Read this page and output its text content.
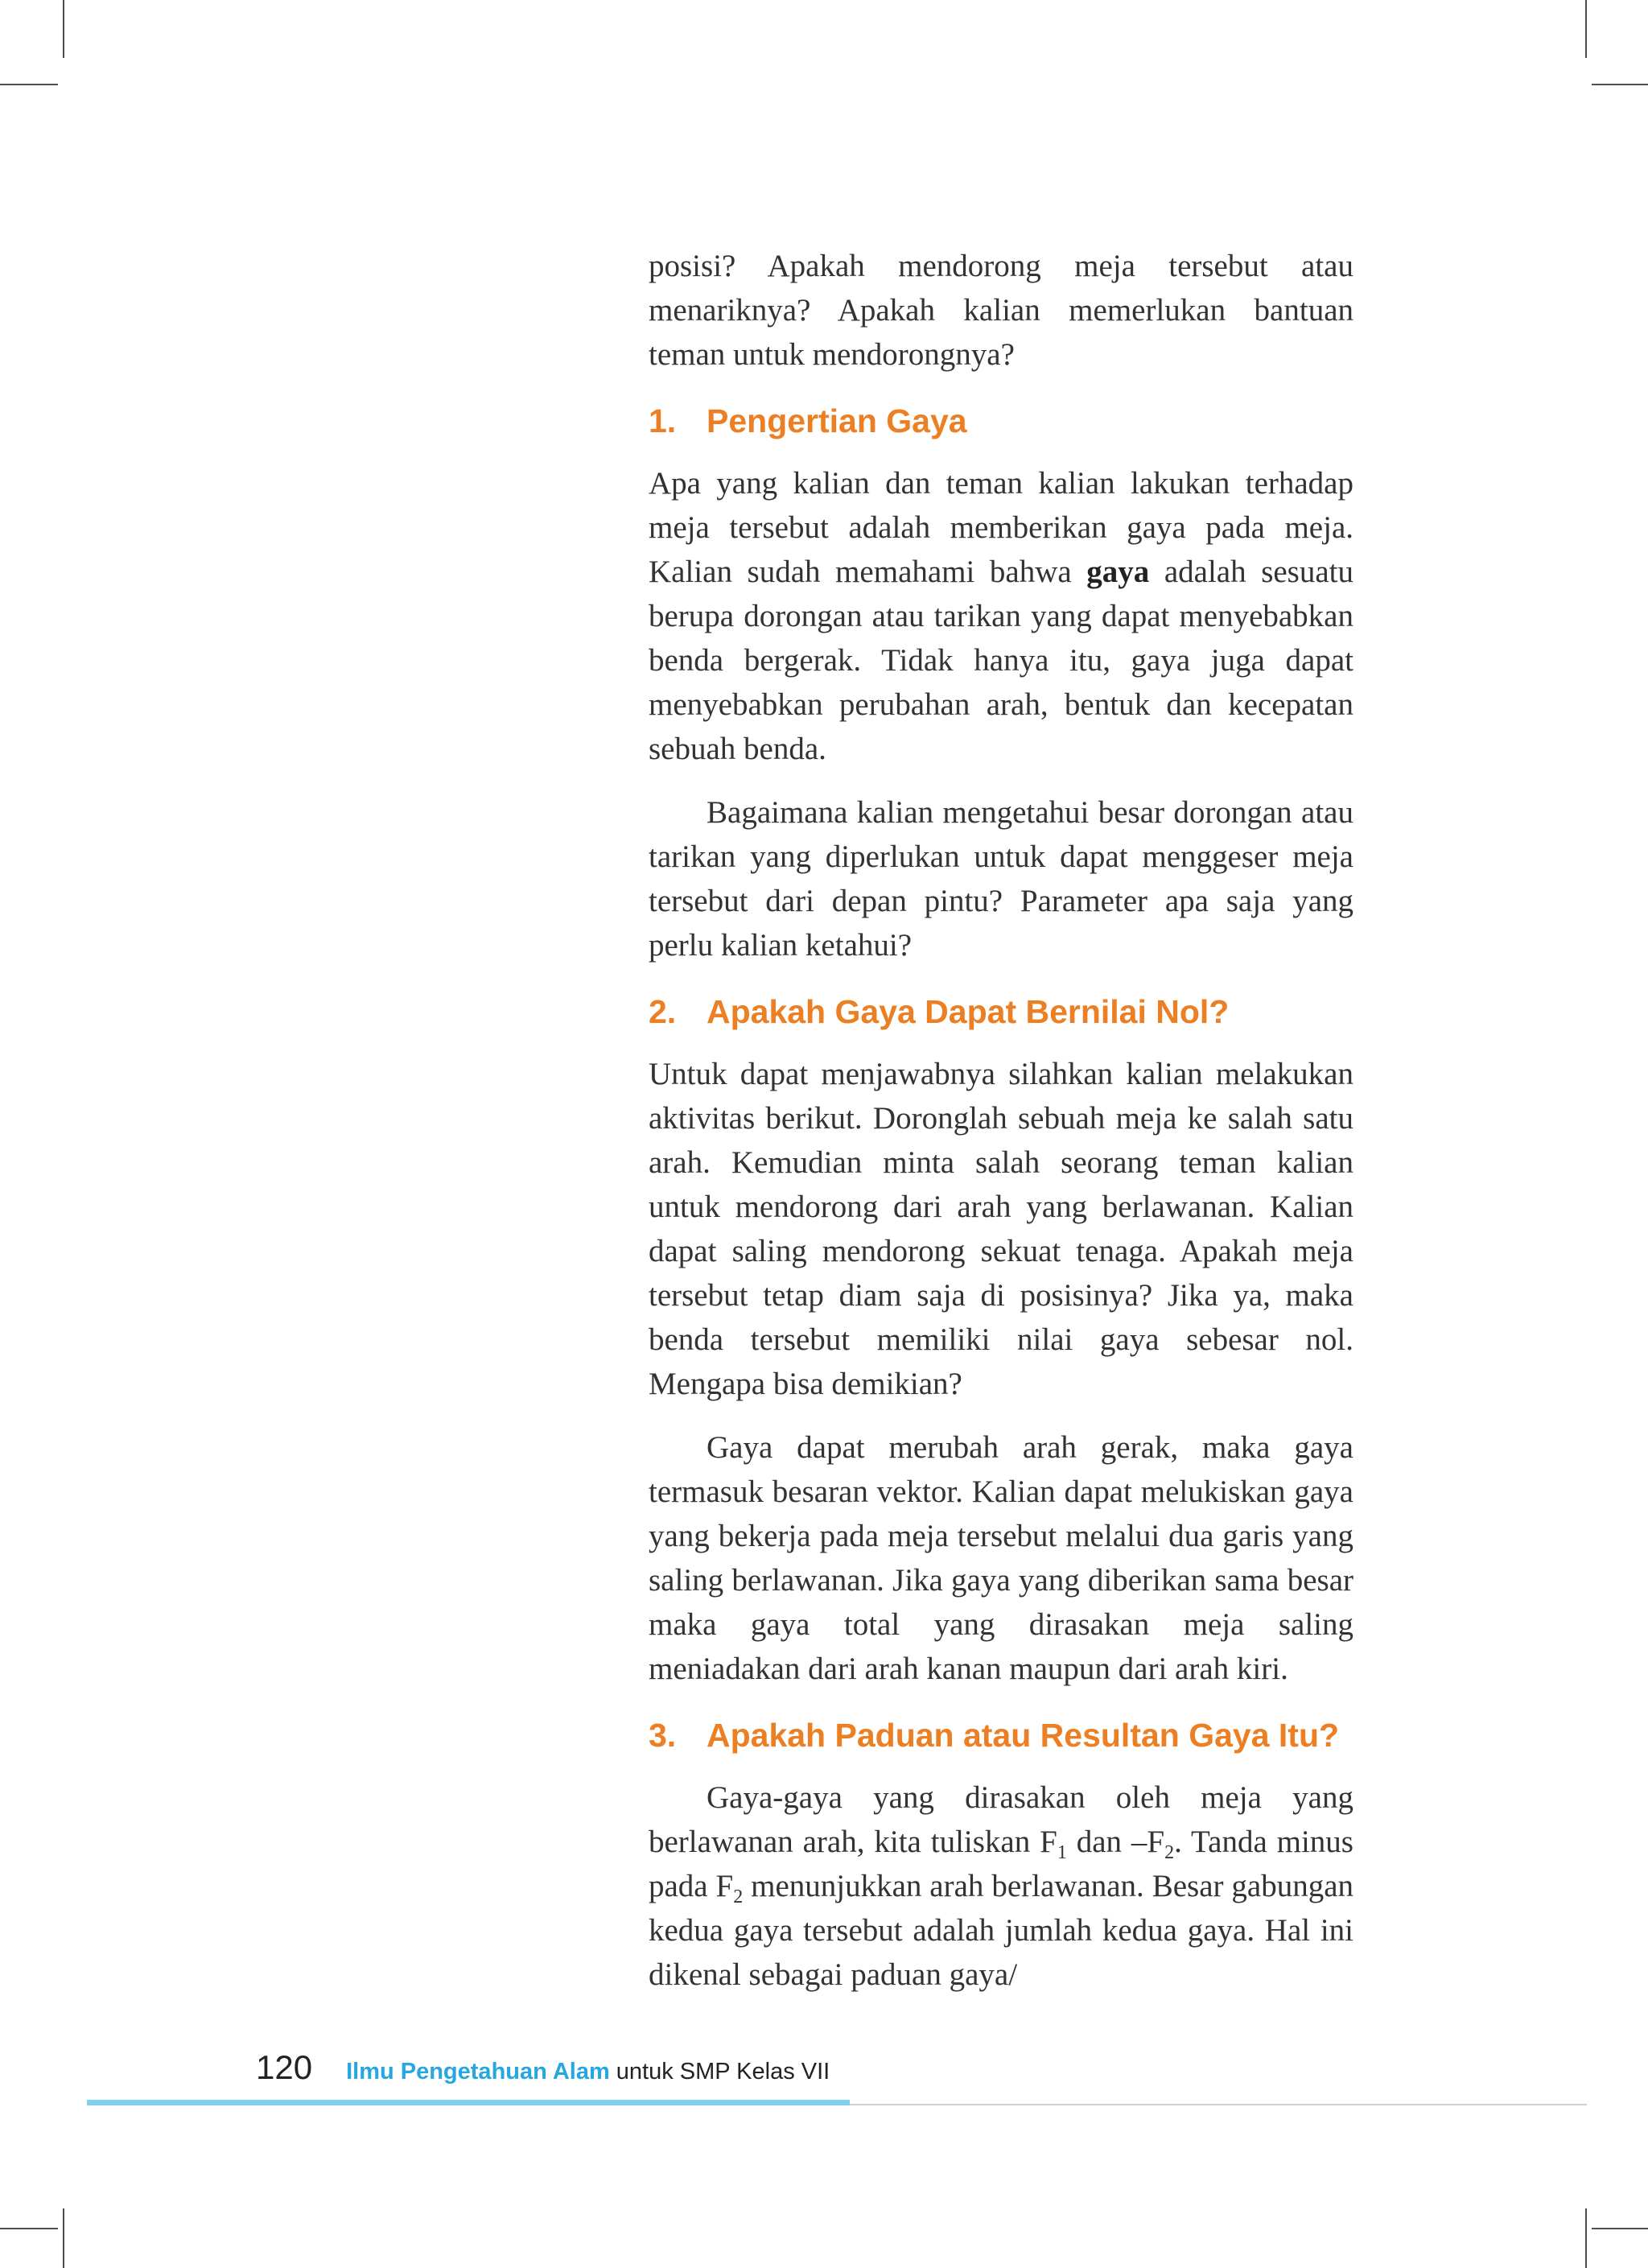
posisi? Apakah mendorong meja tersebut atau menariknya? Apakah kalian memerlukan bantuan teman untuk mendorongnya?

1. Pengertian Gaya

Apa yang kalian dan teman kalian lakukan terhadap meja tersebut adalah memberikan gaya pada meja. Kalian sudah memahami bahwa gaya adalah sesuatu berupa dorongan atau tarikan yang dapat menyebabkan benda bergerak. Tidak hanya itu, gaya juga dapat menyebabkan perubahan arah, bentuk dan kecepatan sebuah benda.

Bagaimana kalian mengetahui besar dorongan atau tarikan yang diperlukan untuk dapat menggeser meja tersebut dari depan pintu? Parameter apa saja yang perlu kalian ketahui?

2. Apakah Gaya Dapat Bernilai Nol?

Untuk dapat menjawabnya silahkan kalian melakukan aktivitas berikut. Doronglah sebuah meja ke salah satu arah. Kemudian minta salah seorang teman kalian untuk mendorong dari arah yang berlawanan. Kalian dapat saling mendorong sekuat tenaga. Apakah meja tersebut tetap diam saja di posisinya? Jika ya, maka benda tersebut memiliki nilai gaya sebesar nol. Mengapa bisa demikian?

Gaya dapat merubah arah gerak, maka gaya termasuk besaran vektor. Kalian dapat melukiskan gaya yang bekerja pada meja tersebut melalui dua garis yang saling berlawanan. Jika gaya yang diberikan sama besar maka gaya total yang dirasakan meja saling meniadakan dari arah kanan maupun dari arah kiri.

3. Apakah Paduan atau Resultan Gaya Itu?

Gaya-gaya yang dirasakan oleh meja yang berlawanan arah, kita tuliskan $F_1$ dan $-F_2$. Tanda minus pada $F_2$ menunjukkan arah berlawanan. Besar gabungan kedua gaya tersebut adalah jumlah kedua gaya. Hal ini dikenal sebagai paduan gaya/

120 Ilmu Pengetahuan Alam untuk SMP Kelas VII
